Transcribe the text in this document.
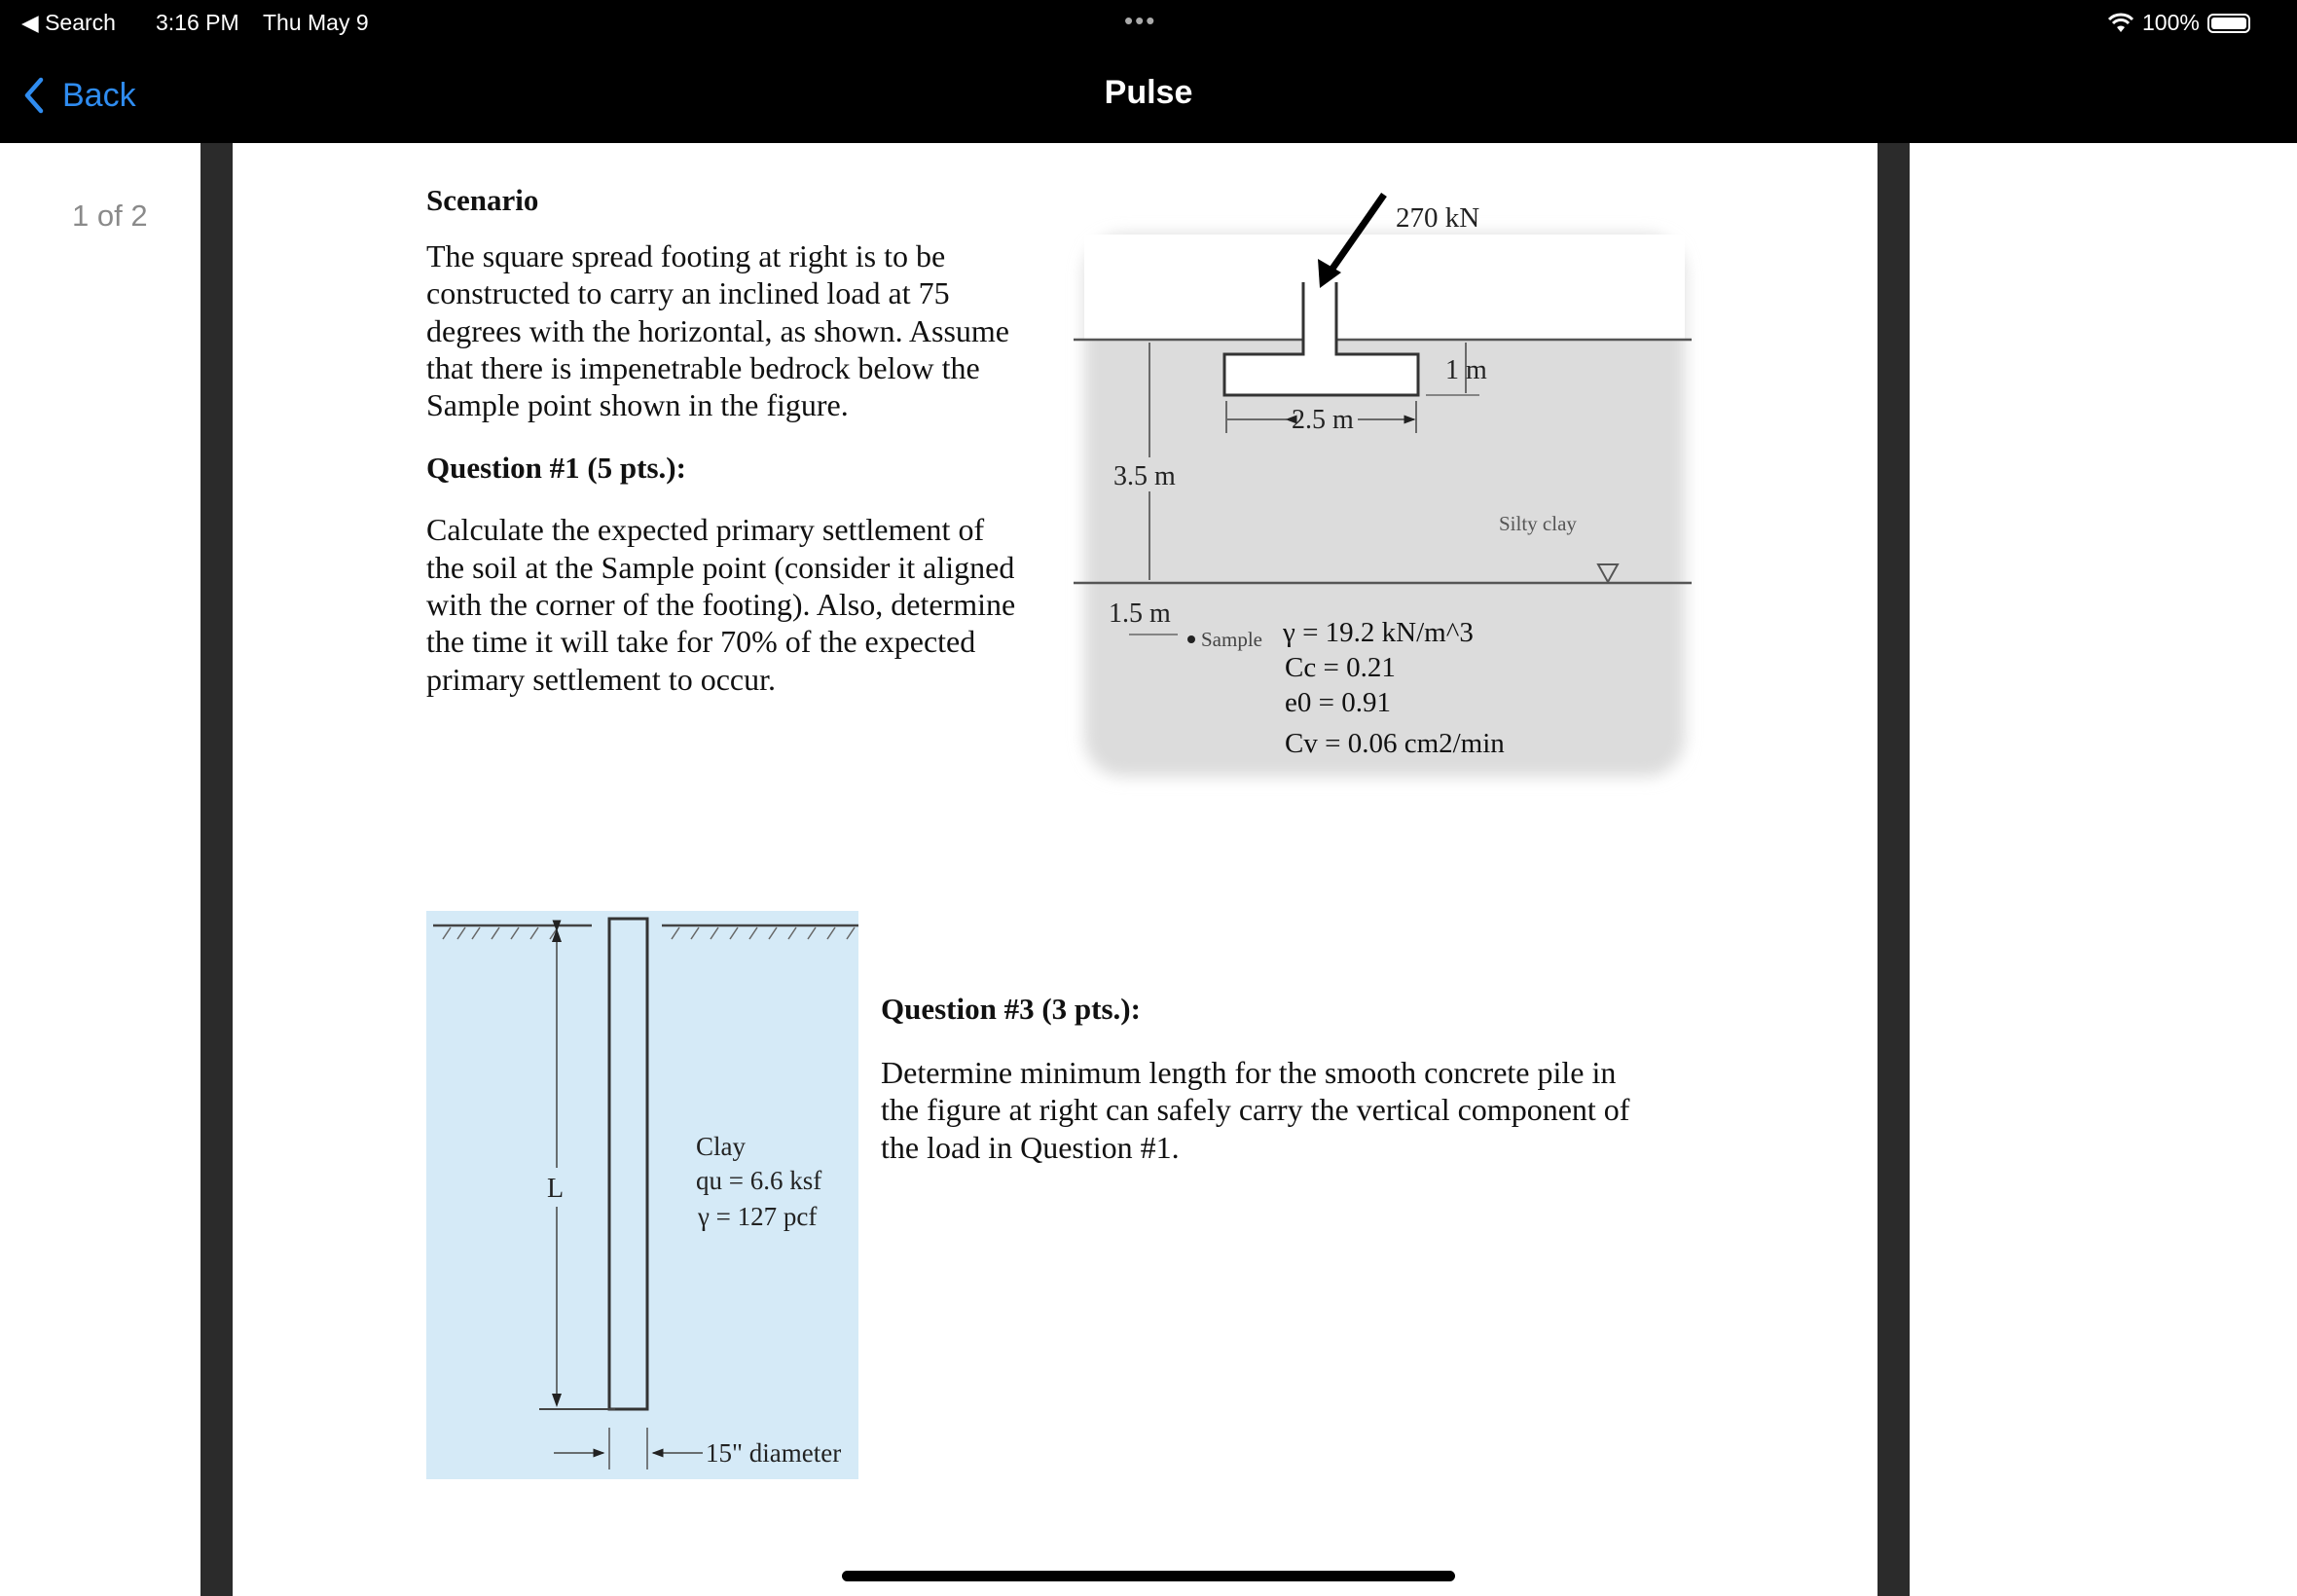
◀ Search 3:16 PM Thu May 9	•••	100%
Back	Pulse
1 of 2	Scenario
The square spread footing at right is to be
constructed to carry an inclined load at 75
degrees with the horizontal, as shown. Assume
that there is impenetrable bedrock below the
Sample point shown in the figure.
Question #1 (5 pts.):
Calculate the expected primary settlement of
the soil at the Sample point (consider it aligned
with the corner of the footing). Also, determine
the time it will take for 70% of the expected
primary settlement to occur.
Question #3 (3 pts.):
Determine minimum length for the smooth concrete pile in
the figure at right can safely carry the vertical component of
the load in Question #1.
270 kN
1 m
2.5 m
3.5 m
1.5 m
Sample
Silty clay
γ = 19.2 kN/m^3
Cc = 0.21
e0 = 0.91
Cv = 0.06 cm2/min
L
Clay
qu = 6.6 ksf
γ = 127 pcf
15" diameter
